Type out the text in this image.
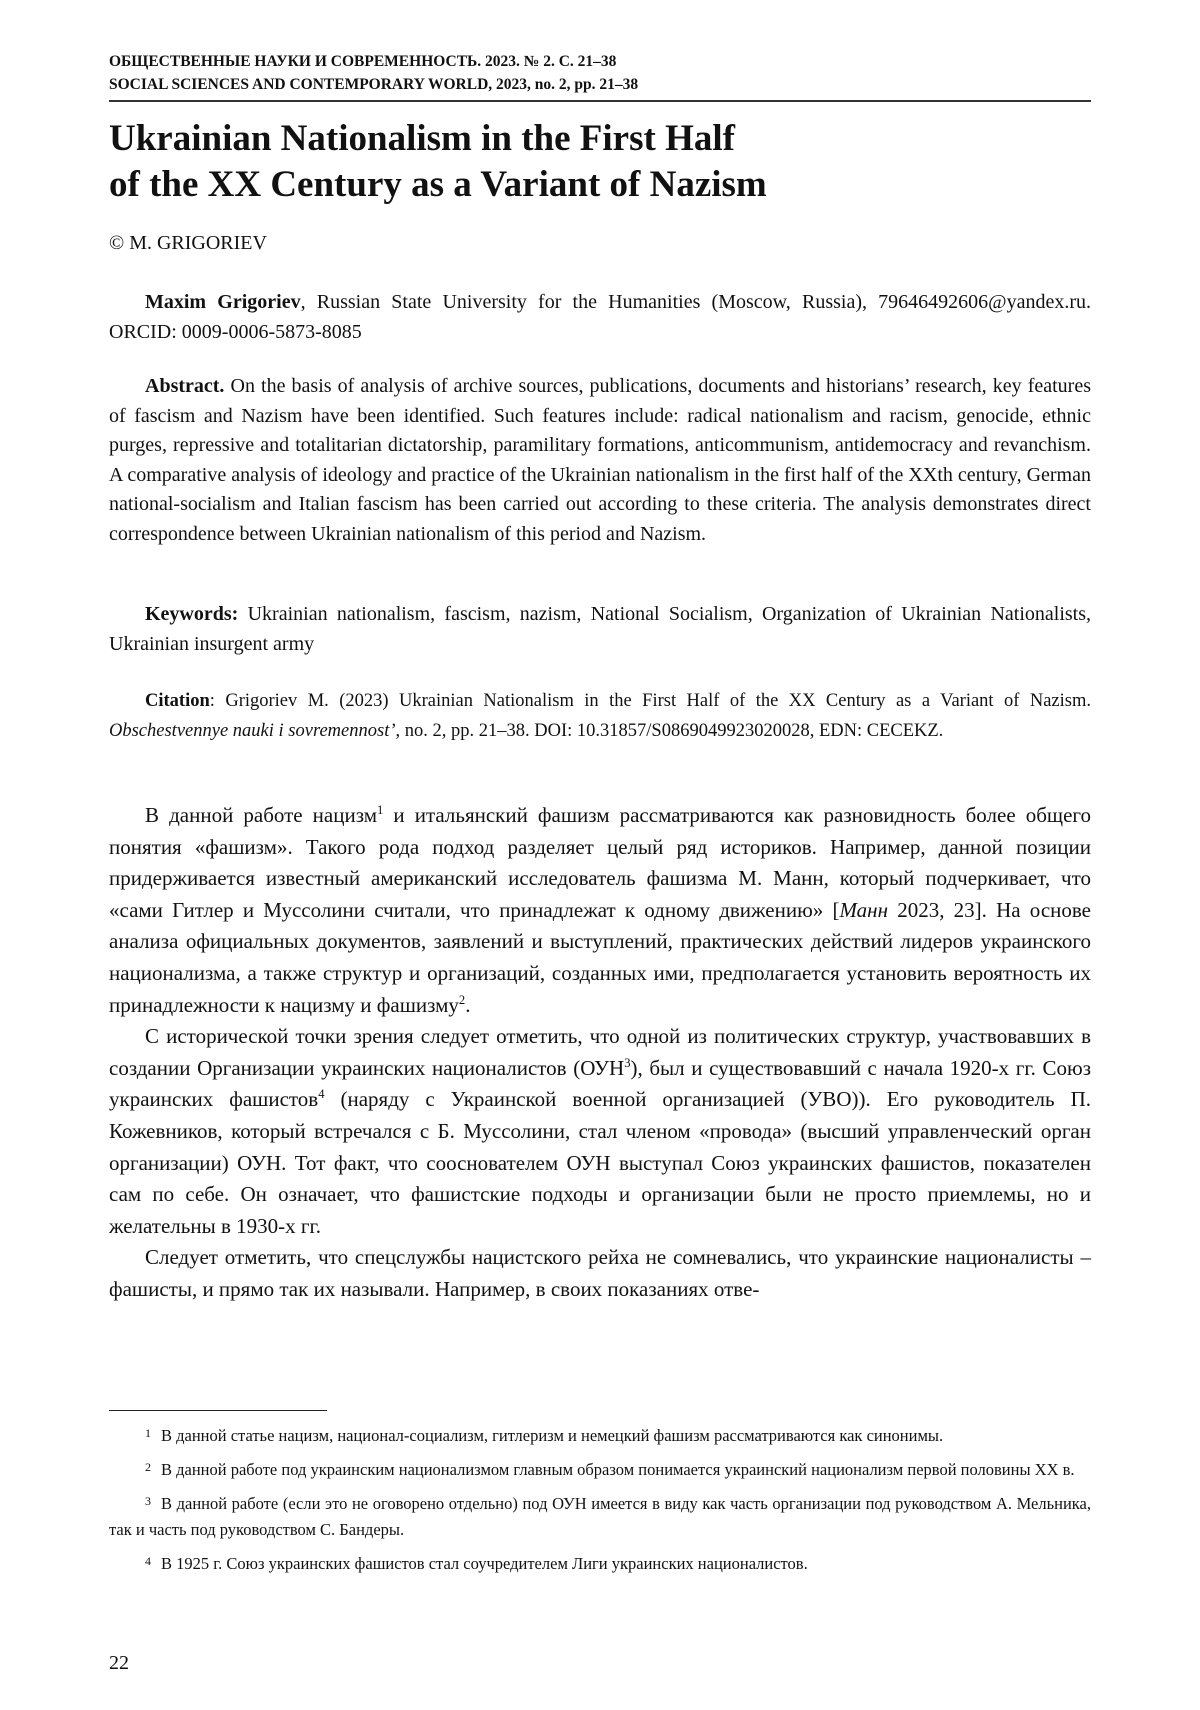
ОБЩЕСТВЕННЫЕ НАУКИ И СОВРЕМЕННОСТЬ. 2023. № 2. С. 21–38
SOCIAL SCIENCES AND CONTEMPORARY WORLD, 2023, no. 2, pp. 21–38
Ukrainian Nationalism in the First Half
of the XX Century as a Variant of Nazism
© M. GRIGORIEV

Maxim Grigoriev, Russian State University for the Humanities (Moscow, Russia), 79646492606@yandex.ru. ORCID: 0009-0006-5873-8085

Abstract. On the basis of analysis of archive sources, publications, documents and historians’ research, key features of fascism and Nazism have been identified. Such features include: radical nationalism and racism, genocide, ethnic purges, repressive and totalitarian dictatorship, paramilitary formations, anticommunism, antidemocracy and revanchism. A comparative analysis of ideology and practice of the Ukrainian nationalism in the first half of the XXth century, German national-socialism and Italian fascism has been carried out according to these criteria. The analysis demonstrates direct correspondence between Ukrainian nationalism of this period and Nazism.

Keywords: Ukrainian nationalism, fascism, nazism, National Socialism, Organization of Ukrainian Nationalists, Ukrainian insurgent army

Citation: Grigoriev M. (2023) Ukrainian Nationalism in the First Half of the XX Century as a Variant of Nazism. Obschestvennye nauki i sovremennost’, no. 2, pp. 21–38. DOI: 10.31857/S086904992302002​8, EDN: CECEKZ.

В данной работе нацизм$^1$ и итальянский фашизм рассматриваются как разновидность более общего понятия «фашизм». Такого рода подход разделяет целый ряд историков. Например, данной позиции придерживается известный американский исследователь фашизма М. Манн, который подчеркивает, что «сами Гитлер и Муссолини считали, что принадлежат к одному движению» [Манн 2023, 23]. На основе анализа официальных документов, заявлений и выступлений, практических действий лидеров украинского национализма, а также структур и организаций, созданных ими, предполагается установить вероятность их принадлежности к нацизму и фашизму$^2$.

С исторической точки зрения следует отметить, что одной из политических структур, участвовавших в создании Организации украинских националистов (ОУН$^3$), был и существовавший с начала 1920-х гг. Союз украинских фашистов$^4$ (наряду с Украинской военной организацией (УВО)). Его руководитель П. Кожевников, который встречался с Б. Муссолини, стал членом «провода» (высший управленческий орган организации) ОУН. Тот факт, что сооснователем ОУН выступал Союз украинских фашистов, показателен сам по себе. Он означает, что фашистские подходы и организации были не просто приемлемы, но и желательны в 1930-х гг.

Следует отметить, что спецслужбы нацистского рейха не сомневались, что украинские националисты – фашисты, и прямо так их называли. Например, в своих показаниях отве-

$^1$ В данной статье нацизм, национал-социализм, гитлеризм и немецкий фашизм рассматриваются как синонимы.

$^2$ В данной работе под украинским национализмом главным образом понимается украинский национализм первой половины XX в.

$^3$ В данной работе (если это не оговорено отдельно) под ОУН имеется в виду как часть организации под руководством А. Мельника, так и часть под руководством С. Бандеры.

$^4$ В 1925 г. Союз украинских фашистов стал соучредителем Лиги украинских националистов.

22
